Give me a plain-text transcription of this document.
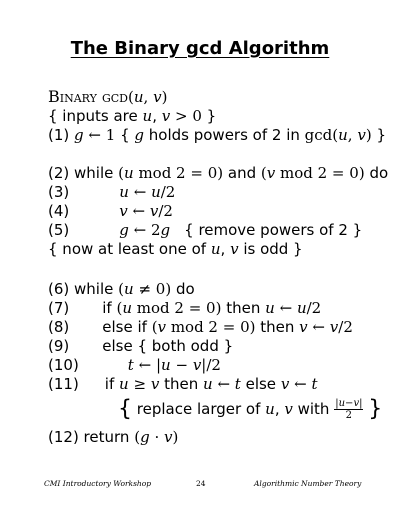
The Binary gcd Algorithm
Binary gcd(u, v)
{ inputs are u, v > 0 }
(1) g ← 1 { g holds powers of 2 in gcd(u, v) }
(2) while (u mod 2 = 0) and (v mod 2 = 0) do
(3)	u ← u/2
(4)	v ← v/2
(5)	g ← 2g { remove powers of 2 }
{ now at least one of u, v is odd }
(6) while (u ≠ 0) do
(7) if (u mod 2 = 0) then u ← u/2
(8) else if (v mod 2 = 0) then v ← v/2
(9) else { both odd }
(10)	t ← |u − v|/2
(11) if u ≥ v then u ← t else v ← t
{ replace larger of u, v with $\frac{|u-v|}{2}$ }
(12) return (g · v)
CMI Introductory Workshop	24	Algorithmic Number Theory
